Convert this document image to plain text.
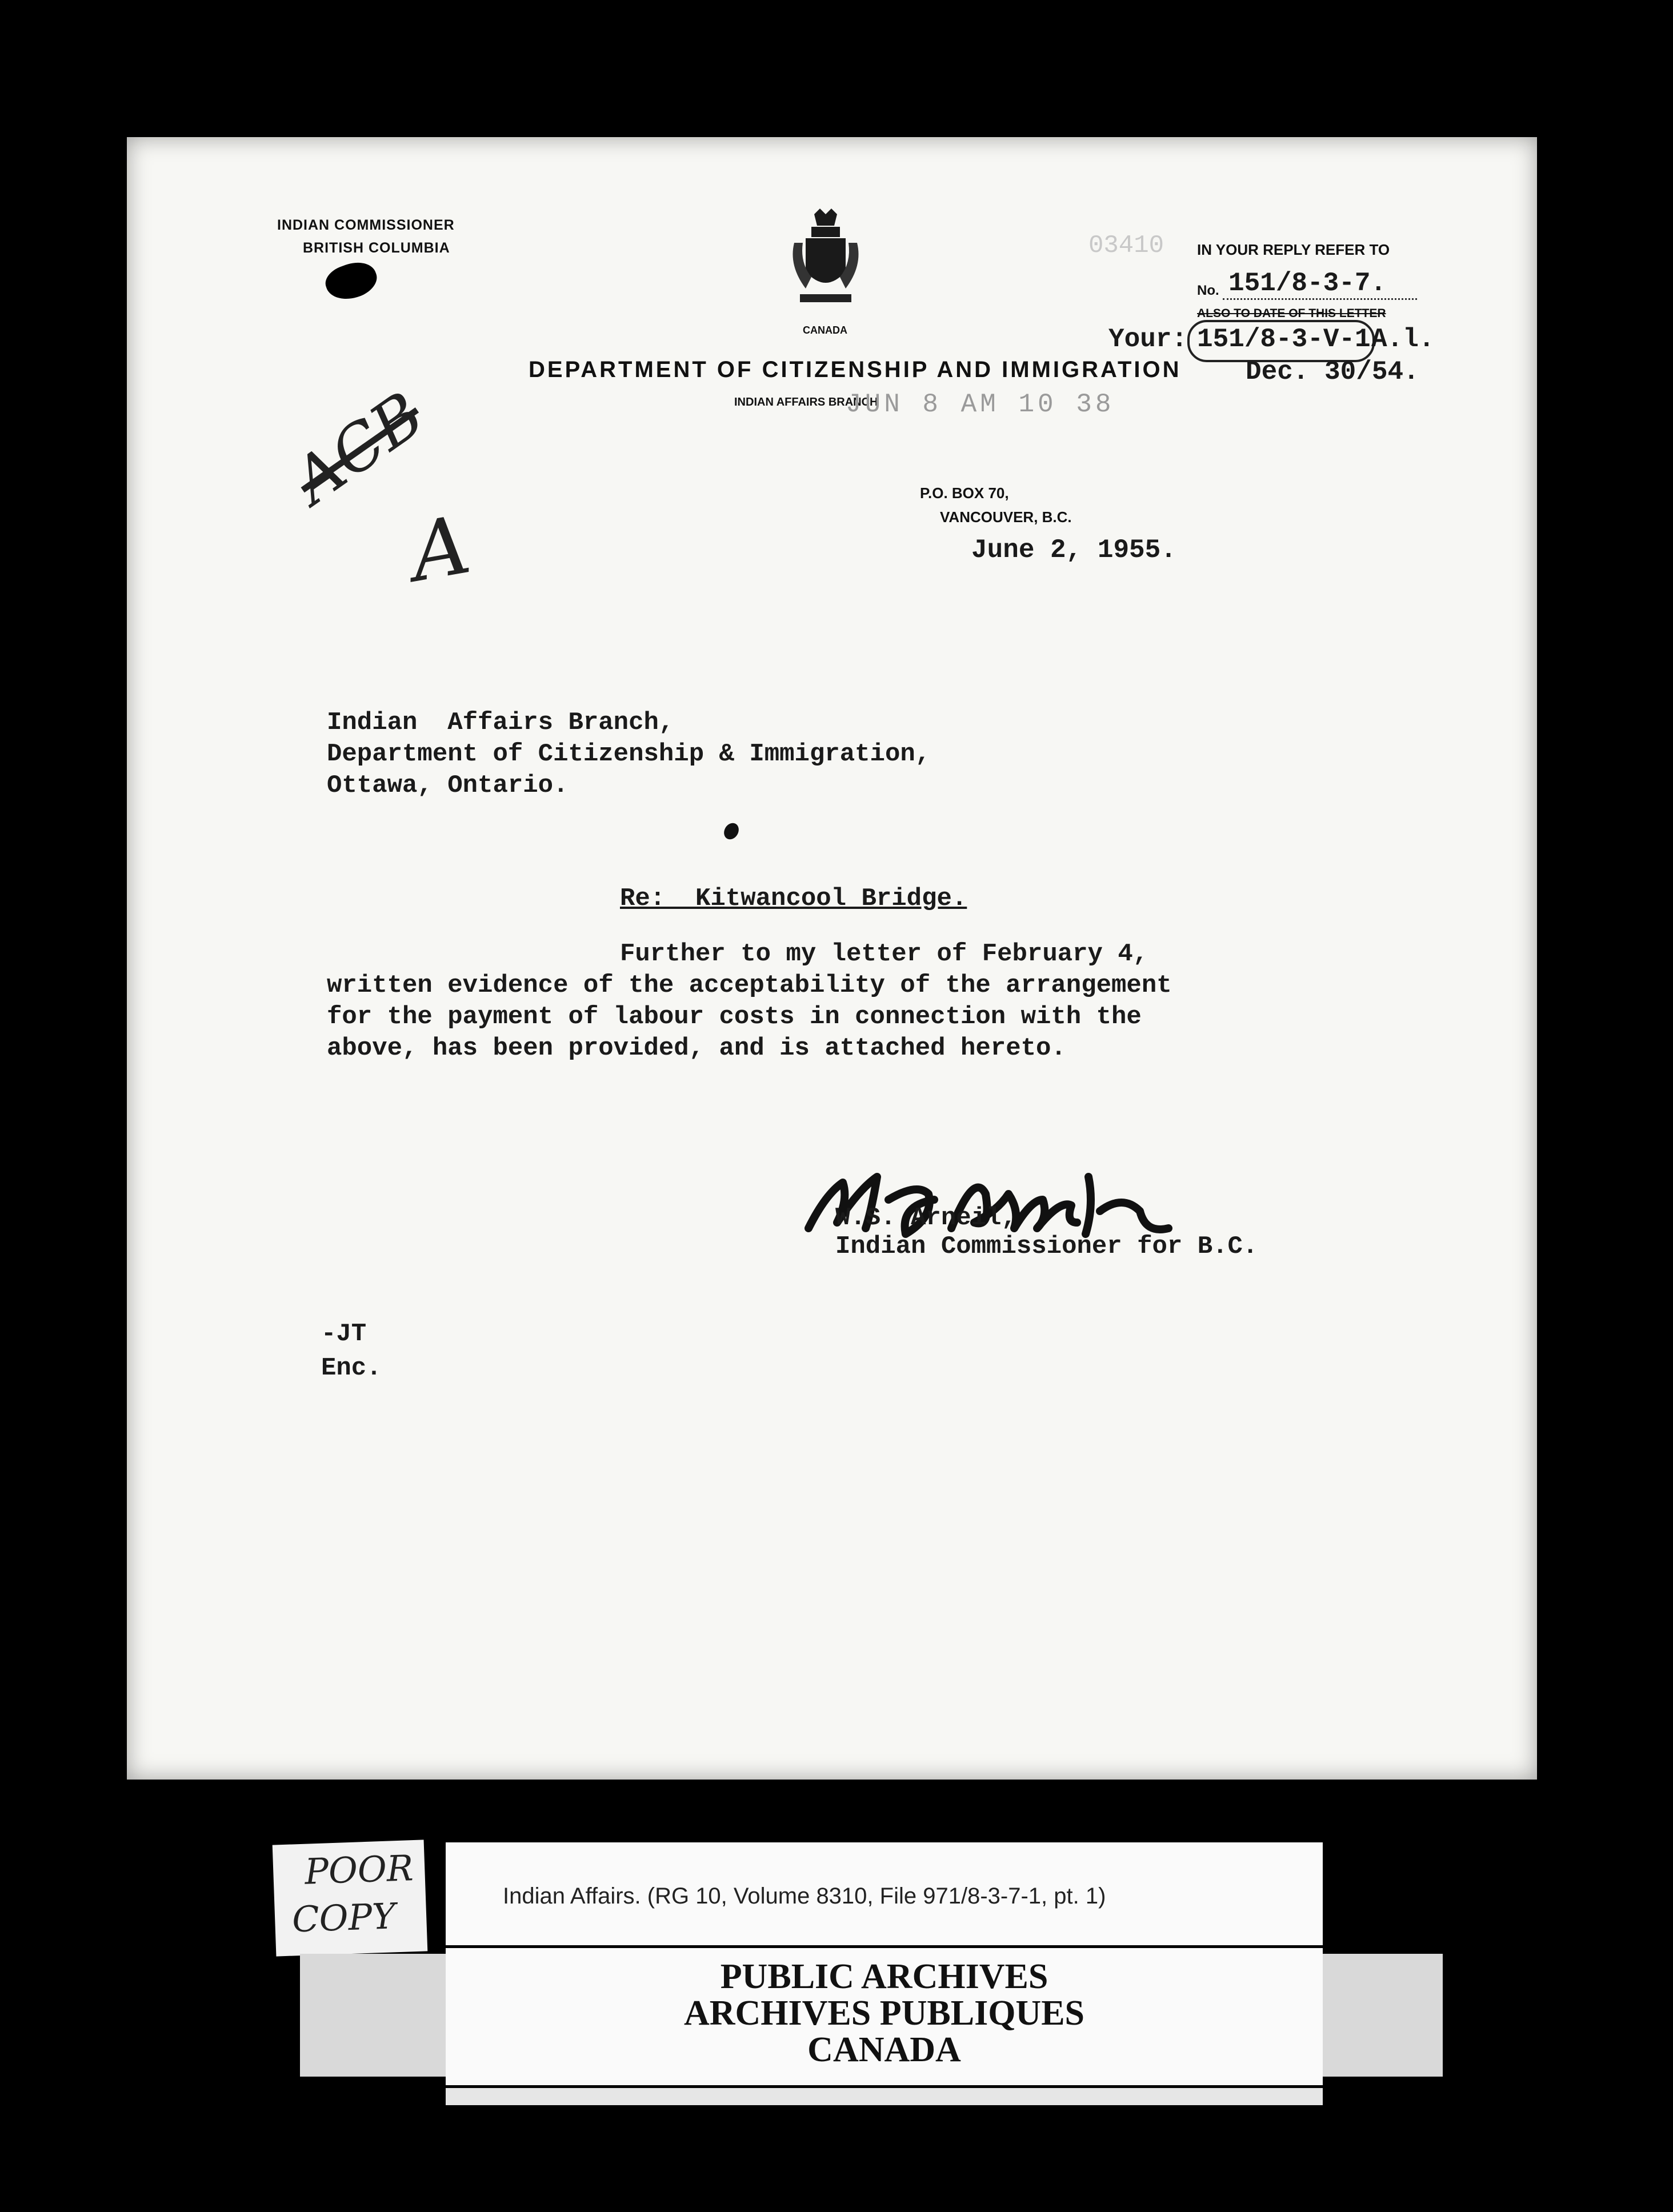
INDIAN COMMISSIONER
BRITISH COLUMBIA
CANADA
DEPARTMENT OF CITIZENSHIP AND IMMIGRATION
INDIAN AFFAIRS BRANCH
JUN 8 AM 10 38
03410 IN YOUR REPLY REFER TO
No. 151/8-3-7.
ALSO TO DATE OF THIS LETTER
Your: 151/8-3-V-1 A.l.
Dec. 30/54.
ACB
A
P.O. BOX 70,
VANCOUVER, B.C.
June 2, 1955.
Indian  Affairs Branch,
Department of Citizenship & Immigration,
Ottawa, Ontario.
Re:  Kitwancool Bridge.
Further to my letter of February 4,
written evidence of the acceptability of the arrangement
for the payment of labour costs in connection with the
above, has been provided, and is attached hereto.
W.S. Arneil,
Indian Commissioner for B.C.
-JT
Enc.
POOR
COPY	Indian Affairs. (RG 10, Volume 8310, File 971/8-3-7-1, pt. 1)
PUBLIC ARCHIVES
ARCHIVES PUBLIQUES
CANADA
